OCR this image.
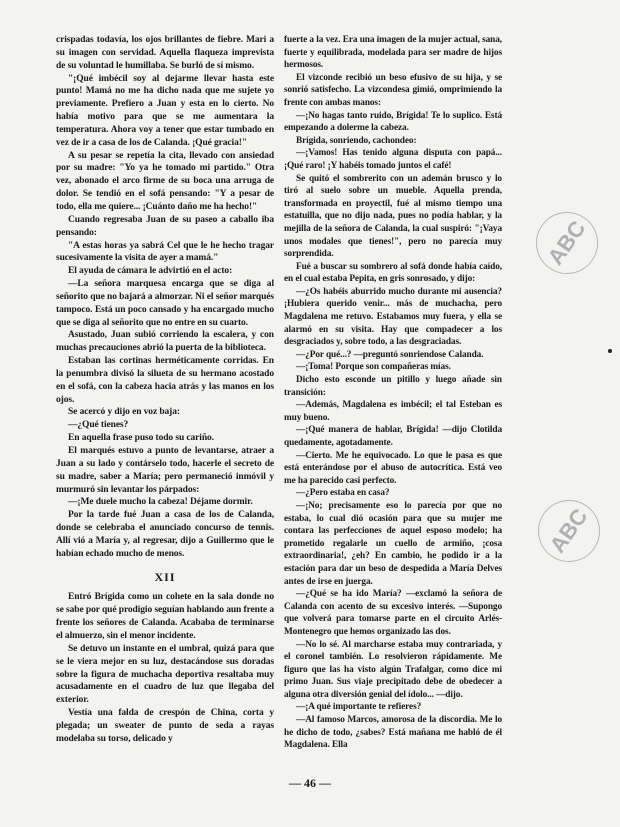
crispadas todavía, los ojos brillantes de fiebre. Mari a su imagen con servidad. Aquella flaqueza imprevista de su voluntad le humillaba. Se burló de sí mismo.

"¡Qué imbécil soy al dejarme llevar hasta este punto! Mamá no me ha dicho nada que me sujete yo previamente. Prefiero a Juan y esta en lo cierto. No había motivo para que se me aumentara la temperatura. Ahora voy a tener que estar tumbado en vez de ir a casa de los de Calanda. ¡Qué gracia!"

A su pesar se repetía la cita, llevado con ansiedad por su madre: "Yo ya he tomado mi partido." Otra vez, abonado el arco firme de su boca una arruga de dolor. Se tendió en el sofá pensando: "Y a pesar de todo, ella me quiere... ¡Cuánto daño me ha hecho!"

Cuando regresaba Juan de su paseo a caballo iba pensando:

"A estas horas ya sabrá Cel que le he hecho tragar sucesivamente la visita de ayer a mamá."

El ayuda de cámara le advirtió en el acto:

—La señora marquesa encarga que se diga al señorito que no bajará a almorzar. Ni el señor marqués tampoco. Está un poco cansado y ha encargado mucho que se diga al señorito que no entre en su cuarto.

Asustado, Juan subió corriendo la escalera, y con muchas precauciones abrió la puerta de la biblioteca.

Estaban las cortinas herméticamente corridas. En la penumbra divisó la silueta de su hermano acostado en el sofá, con la cabeza hacia atrás y las manos en los ojos.

Se acercó y dijo en voz baja:

—¿Qué tienes?

En aquella frase puso todo su cariño.

El marqués estuvo a punto de levantarse, atraer a Juan a su lado y contárselo todo, hacerle el secreto de su madre, saber a María; pero permaneció inmóvil y murmuró sin levantar los párpados:

—¡Me duele mucho la cabeza! Déjame dormir.

Por la tarde fué Juan a casa de los de Calanda, donde se celebraba el anunciado concurso de tennis. Allí vió a María y, al regresar, dijo a Guillermo que le habían echado mucho de menos.

XII

Entró Brígida como un cohete en la sala donde no se sabe por qué prodigio seguían hablando aun frente a frente los señores de Calanda. Acababa de terminarse el almuerzo, sin el menor incidente.

Se detuvo un instante en el umbral, quizá para que se le viera mejor en su luz, destacándose sus doradas sobre la figura de muchacha deportiva resaltaba muy acusadamente en el cuadro de luz que llegaba del exterior.

Vestía una falda de crespón de China, corta y plegada; un sweater de punto de seda a rayas modelaba su torso, delicado y

fuerte a la vez. Era una imagen de la mujer actual, sana, fuerte y equilibrada, modelada para ser madre de hijos hermosos.

El vizconde recibió un beso efusivo de su hija, y se sonrió satisfecho. La vizcondesa gimió, omprimiendo la frente con ambas manos:

—¡No hagas tanto ruido, Brígida! Te lo suplico. Está empezando a dolerme la cabeza.

Brígida, sonriendo, cachondeo:

—¡Vamos! Has tenido alguna disputa con papá... ¡Qué raro! ¡Y habéis tomado juntos el café!

Se quitó el sombrerito con un ademán brusco y lo tiró al suelo sobre un mueble. Aquella prenda, transformada en proyectil, fué al mismo tiempo una estatuilla, que no dijo nada, pues no podía hablar, y la mejilla de la señora de Calanda, la cual suspiró: "¡Vaya unos modales que tienes!", pero no parecía muy sorprendida.

Fué a buscar su sombrero al sofá donde había caído, en el cual estaba Pepita, en gris sonrosado, y dijo:

—¿Os habéis aburrido mucho durante mi ausencia? ¡Hubiera querido venir... más de muchacha, pero Magdalena me retuvo. Estabamos muy fuera, y ella se alarmó en su visita. Hay que compadecer a los desgraciados y, sobre todo, a las desgraciadas.

—¿Por qué...? —preguntó sonriendose Calanda.

—¡Toma! Porque son compañeras mías.

Dicho esto esconde un pitillo y luego añade sin transición:

—Además, Magdalena es imbécil; el tal Esteban es muy bueno.

—¡Qué manera de hablar, Brígida! —dijo Clotilda quedamente, agotadamente.

—Cierto. Me he equivocado. Lo que le pasa es que está enterándose por el abuso de autocrítica. Está veo me ha parecido casi perfecto.

—¿Pero estaba en casa?

—¡No; precisamente eso lo parecía por que no estaba, lo cual dió ocasión para que su mujer me contara las perfecciones de aquel esposo modelo; ha prometido regalarle un cuello de armiño, ¡cosa extraordinaria!, ¿eh? En cambio, he podido ir a la estación para dar un beso de despedida a María Delves antes de irse en juerga.

—¿Qué se ha ido María? —exclamó la señora de Calanda con acento de su excesivo interés. —Supongo que volverá para tomarse parte en el circuito Arlés-Montenegro que hemos organizado las dos.

—No lo sé. Al marcharse estaba muy contrariada, y el coronel también. Lo resolvieron rápidamente. Me figuro que las ha visto algún Trafalgar, como dice mi primo Juan. Sus viaje precipitado debe de obedecer a alguna otra diversión genial del ídolo... —dijo.

—¡A qué importante te refieres?

—Al famoso Marcos, amorosa de la discordia. Me lo he dicho de todo, ¿sabes? Está mañana me habló de él Magdalena. Ella

ABC
ABC
— 46 —
